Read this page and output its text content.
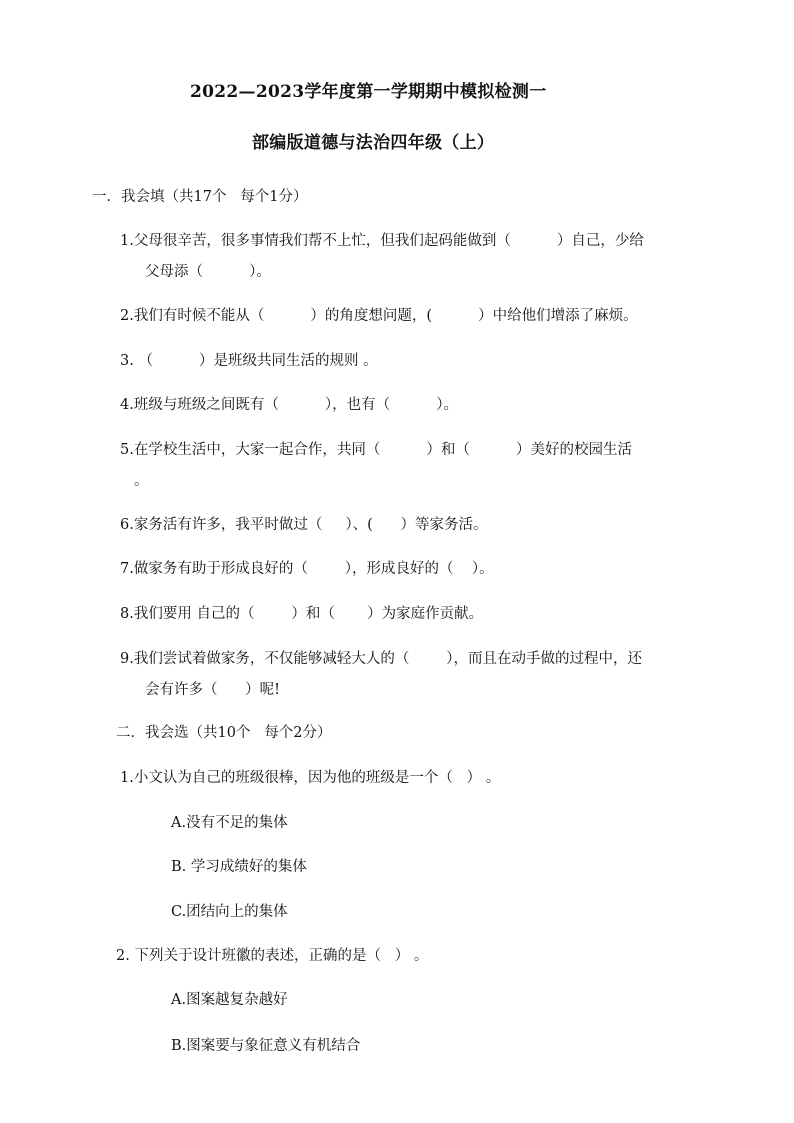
2022—2023学年度第一学期期中模拟检测一
部编版道德与法治四年级（上）
一．我会填（共17个   每个1分）
1.父母很辛苦，很多事情我们帮不上忙，但我们起码能做到（          ）自己，少给
父母添（          ）。
2.我们有时候不能从（          ）的角度想问题，(          ）中给他们增添了麻烦。
3. （          ）是班级共同生活的规则 。
4.班级与班级之间既有（          ），也有（          ）。
5.在学校生活中，大家一起合作，共同（          ）和（          ）美好的校园生活
。
6.家务活有许多，我平时做过（     ）、(      ）等家务活。
7.做家务有助于形成良好的（        ），形成良好的（    ）。
8.我们要用 自己的（        ）和（       ）为家庭作贡献。
9.我们尝试着做家务，不仅能够减轻大人的（        ），而且在动手做的过程中，还
会有许多（      ）呢!
二．我会选（共10个   每个2分）
1.小文认为自己的班级很棒，因为他的班级是一个（   ） 。
A.没有不足的集体
B. 学习成绩好的集体
C.团结向上的集体
2. 下列关于设计班徽的表述，正确的是（   ） 。
A.图案越复杂越好
B.图案要与象征意义有机结合
